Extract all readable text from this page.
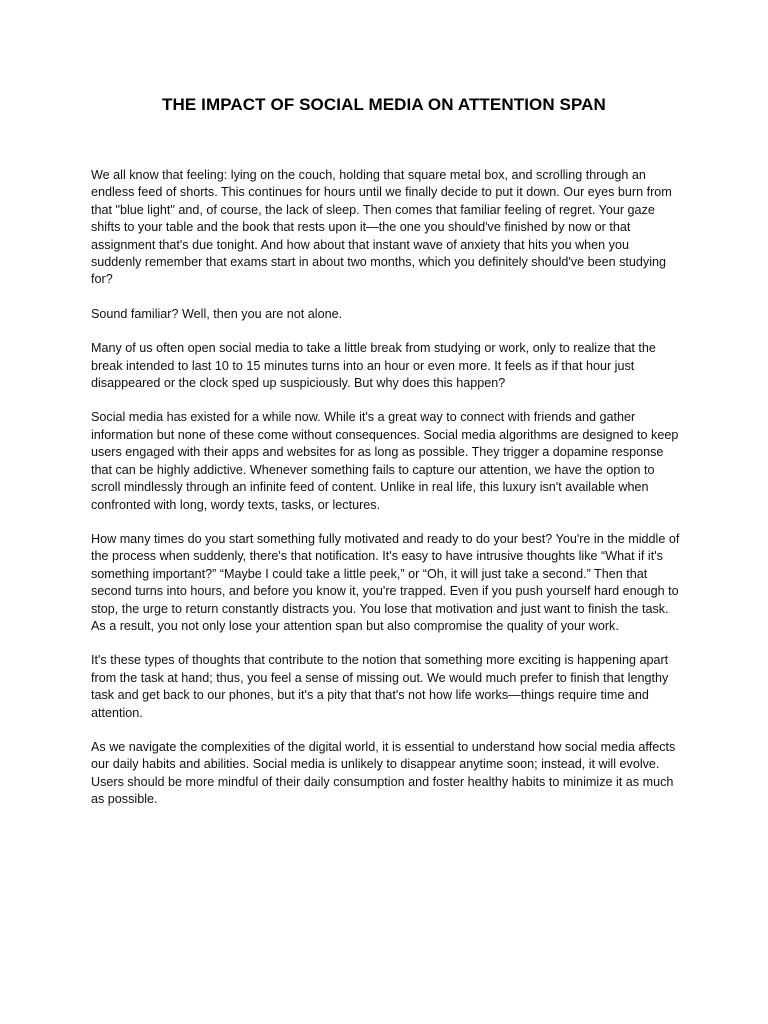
THE IMPACT OF SOCIAL MEDIA ON ATTENTION SPAN

We all know that feeling: lying on the couch, holding that square metal box, and scrolling through an endless feed of shorts. This continues for hours until we finally decide to put it down. Our eyes burn from that "blue light" and, of course, the lack of sleep. Then comes that familiar feeling of regret. Your gaze shifts to your table and the book that rests upon it—the one you should've finished by now or that assignment that's due tonight. And how about that instant wave of anxiety that hits you when you suddenly remember that exams start in about two months, which you definitely should've been studying for?

Sound familiar? Well, then you are not alone.

Many of us often open social media to take a little break from studying or work, only to realize that the break intended to last 10 to 15 minutes turns into an hour or even more. It feels as if that hour just disappeared or the clock sped up suspiciously. But why does this happen?

Social media has existed for a while now. While it's a great way to connect with friends and gather information but none of these come without consequences. Social media algorithms are designed to keep users engaged with their apps and websites for as long as possible. They trigger a dopamine response that can be highly addictive. Whenever something fails to capture our attention, we have the option to scroll mindlessly through an infinite feed of content. Unlike in real life, this luxury isn't available when confronted with long, wordy texts, tasks, or lectures.

How many times do you start something fully motivated and ready to do your best? You're in the middle of the process when suddenly, there's that notification. It's easy to have intrusive thoughts like “What if it's something important?” “Maybe I could take a little peek,” or “Oh, it will just take a second.” Then that second turns into hours, and before you know it, you're trapped. Even if you push yourself hard enough to stop, the urge to return constantly distracts you. You lose that motivation and just want to finish the task. As a result, you not only lose your attention span but also compromise the quality of your work.

It's these types of thoughts that contribute to the notion that something more exciting is happening apart from the task at hand; thus, you feel a sense of missing out. We would much prefer to finish that lengthy task and get back to our phones, but it's a pity that that's not how life works—things require time and attention.

As we navigate the complexities of the digital world, it is essential to understand how social media affects our daily habits and abilities. Social media is unlikely to disappear anytime soon; instead, it will evolve. Users should be more mindful of their daily consumption and foster healthy habits to minimize it as much as possible.
